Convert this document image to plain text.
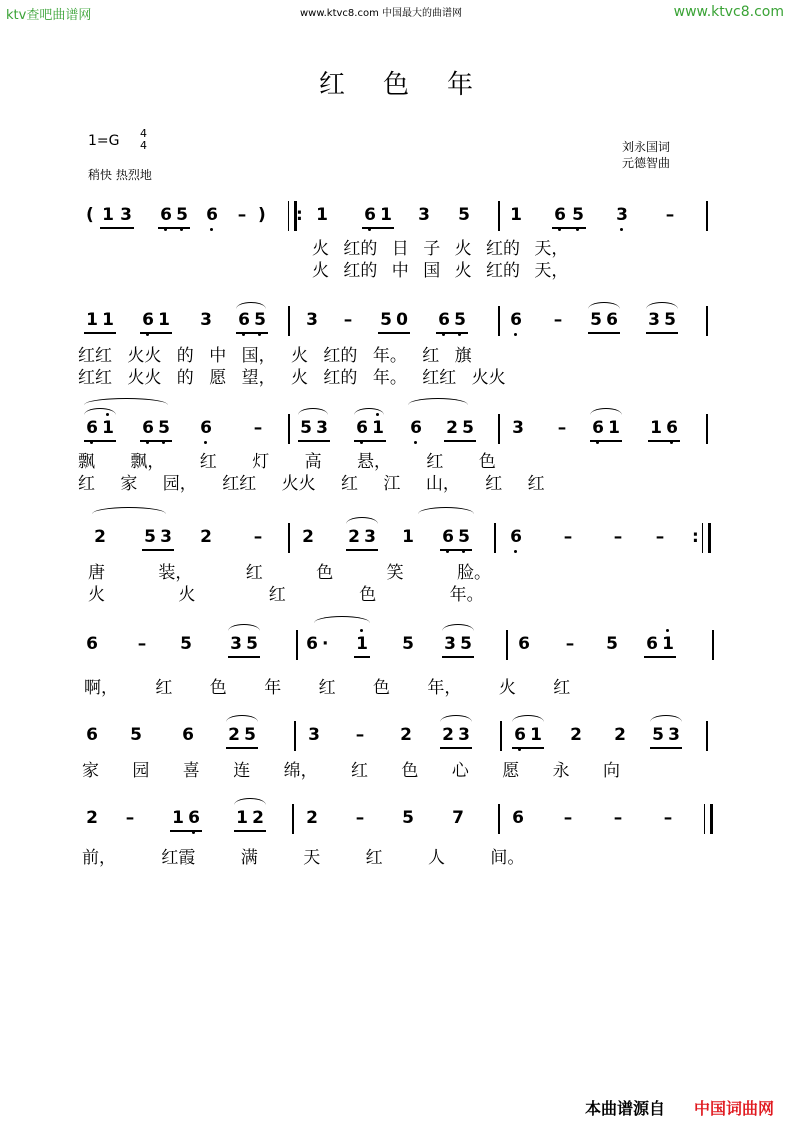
ktv查吧曲谱网	www.ktvc8.com 中国最大的曲谱网	www.ktvc8.com
红色年
1=G 4
4
稍快 热烈地
刘永国词
元德智曲
( 1 3 6 5 6 – ) : 1 6 1 3 5 1 6 5 3 –
火 红的 日 子 火 红的 天，
火 红的 中 国 火 红的 天，
1 1 6 1 3 6 5 3 – 5 0 6 5	6 – 5 6 3 5
红红 火火 的 中 国， 火 红的 年。 红 旗
红红 火火 的 愿 望， 火 红的 年。 红红 火火
6 1 6 5 6 – 5 3 6 1 6 2 5 3 – 6 1 1 6
飘 飘， 红 灯 高 悬， 红 色
红 家 园， 红红 火火 红 江 山， 红 红
2 5 3 2 – 2 2 3 1 6 5 6 – – – :
唐 装， 红 色 笑 脸。
火 火 红 色 年。
6 – 5 3 5	6 · 1 5 3 5	6 – 5 6 1
啊， 红 色 年 红 色 年， 火 红
6 5 6 2 5	3 – 2 2 3	6 1 2 2 5 3
家 园 喜 连 绵， 红 色 心 愿 永 向
2 – 1 6 1 2 2 – 5 7	6 – – –
前， 红霞 满 天 红 人 间。
本曲谱源自 中国词曲网
